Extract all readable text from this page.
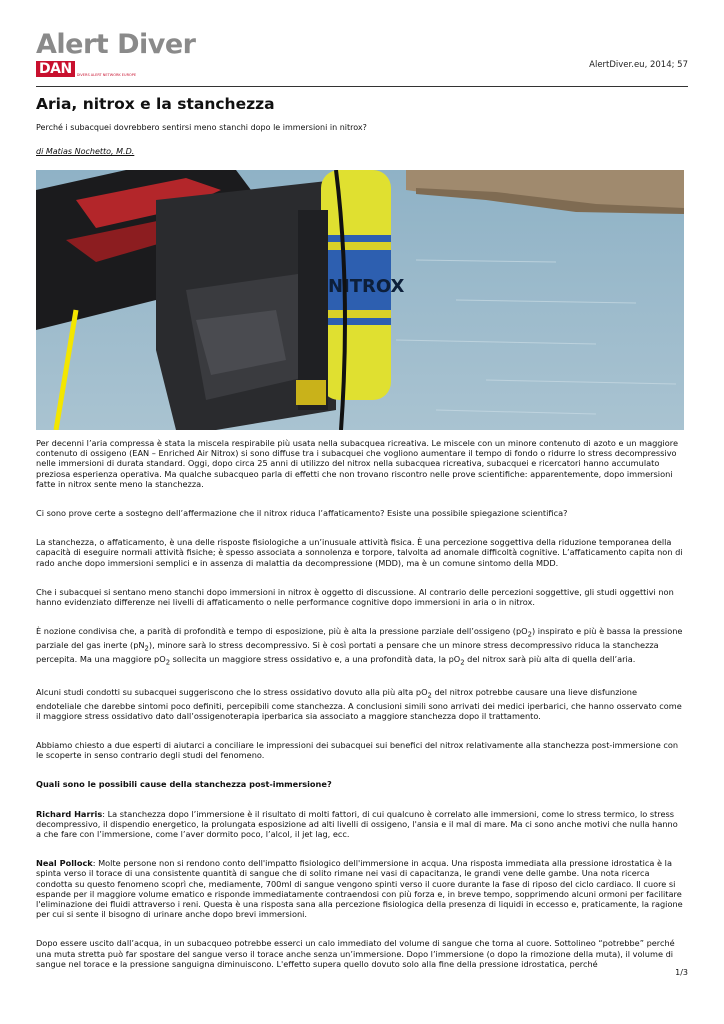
Alert Diver
DAN	DIVERS ALERT NETWORK EUROPE
AlertDiver.eu, 2014; 57
Aria, nitrox e la stanchezza

Perché i subacquei dovrebbero sentirsi meno stanchi dopo le immersioni in nitrox?

di Matias Nochetto, M.D.

NITROX

Per decenni l’aria compressa è stata la miscela respirabile più usata nella subacquea ricreativa. Le miscele con un minore contenuto di azoto e un maggiore contenuto di ossigeno (EAN – Enriched Air Nitrox) si sono diffuse tra i subacquei che vogliono aumentare il tempo di fondo o ridurre lo stress decompressivo nelle immersioni di durata standard. Oggi, dopo circa 25 anni di utilizzo del nitrox nella subacquea ricreativa, subacquei e ricercatori hanno accumulato preziosa esperienza operativa. Ma qualche subacqueo parla di effetti che non trovano riscontro nelle prove scientifiche: apparentemente, dopo immersioni fatte in nitrox sente meno la stanchezza.

Ci sono prove certe a sostegno dell’affermazione che il nitrox riduca l’affaticamento? Esiste una possibile spiegazione scientifica?

La stanchezza, o affaticamento, è una delle risposte fisiologiche a un’inusuale attività fisica. È una percezione soggettiva della riduzione temporanea della capacità di eseguire normali attività fisiche; è spesso associata a sonnolenza e torpore, talvolta ad anomale difficoltà cognitive. L’affaticamento capita non di rado anche dopo immersioni semplici e in assenza di malattia da decompressione (MDD), ma è un comune sintomo della MDD.

Che i subacquei si sentano meno stanchi dopo immersioni in nitrox è oggetto di discussione. Al contrario delle percezioni soggettive, gli studi oggettivi non hanno evidenziato differenze nei livelli di affaticamento o nelle performance cognitive dopo immersioni in aria o in nitrox.

È nozione condivisa che, a parità di profondità e tempo di esposizione, più è alta la pressione parziale dell’ossigeno $(pO_2)$ inspirato e più è bassa la pressione parziale del gas inerte $(pN_2)$, minore sarà lo stress decompressivo. Si è così portati a pensare che un minore stress decompressivo riduca la stanchezza percepita. Ma una maggiore $pO_2$ sollecita un maggiore stress ossidativo e, a una profondità data, la $pO_2$ del nitrox sarà più alta di quella dell’aria.

Alcuni studi condotti su subacquei suggeriscono che lo stress ossidativo dovuto alla più alta $pO_2$ del nitrox potrebbe causare una lieve disfunzione endoteliale che darebbe sintomi poco definiti, percepibili come stanchezza. A conclusioni simili sono arrivati dei medici iperbarici, che hanno osservato come il maggiore stress ossidativo dato dall’ossigenoterapia iperbarica sia associato a maggiore stanchezza dopo il trattamento.

Abbiamo chiesto a due esperti di aiutarci a conciliare le impressioni dei subacquei sui benefici del nitrox relativamente alla stanchezza post-immersione con le scoperte in senso contrario degli studi del fenomeno.

Quali sono le possibili cause della stanchezza post-immersione?

Richard Harris: La stanchezza dopo l’immersione è il risultato di molti fattori, di cui qualcuno è correlato alle immersioni, come lo stress termico, lo stress decompressivo, il dispendio energetico, la prolungata esposizione ad alti livelli di ossigeno, l'ansia e il mal di mare. Ma ci sono anche motivi che nulla hanno a che fare con l’immersione, come l’aver dormito poco, l’alcol, il jet lag, ecc.

Neal Pollock: Molte persone non si rendono conto dell'impatto fisiologico dell'immersione in acqua. Una risposta immediata alla pressione idrostatica è la spinta verso il torace di una consistente quantità di sangue che di solito rimane nei vasi di capacitanza, le grandi vene delle gambe. Una nota ricerca condotta su questo fenomeno scoprì che, mediamente, 700ml di sangue vengono spinti verso il cuore durante la fase di riposo del ciclo cardiaco. Il cuore si espande per il maggiore volume ematico e risponde immediatamente contraendosi con più forza e, in breve tempo, sopprimendo alcuni ormoni per facilitare l'eliminazione dei fluidi attraverso i reni. Questa è una risposta sana alla percezione fisiologica della presenza di liquidi in eccesso e, praticamente, la ragione per cui si sente il bisogno di urinare anche dopo brevi immersioni.

Dopo essere uscito dall’acqua, in un subacqueo potrebbe esserci un calo immediato del volume di sangue che torna al cuore. Sottolineo “potrebbe” perché una muta stretta può far spostare del sangue verso il torace anche senza un’immersione. Dopo l’immersione (o dopo la rimozione della muta), il volume di sangue nel torace e la pressione sanguigna diminuiscono. L'effetto supera quello dovuto solo alla fine della pressione idrostatica, perché

1/3
